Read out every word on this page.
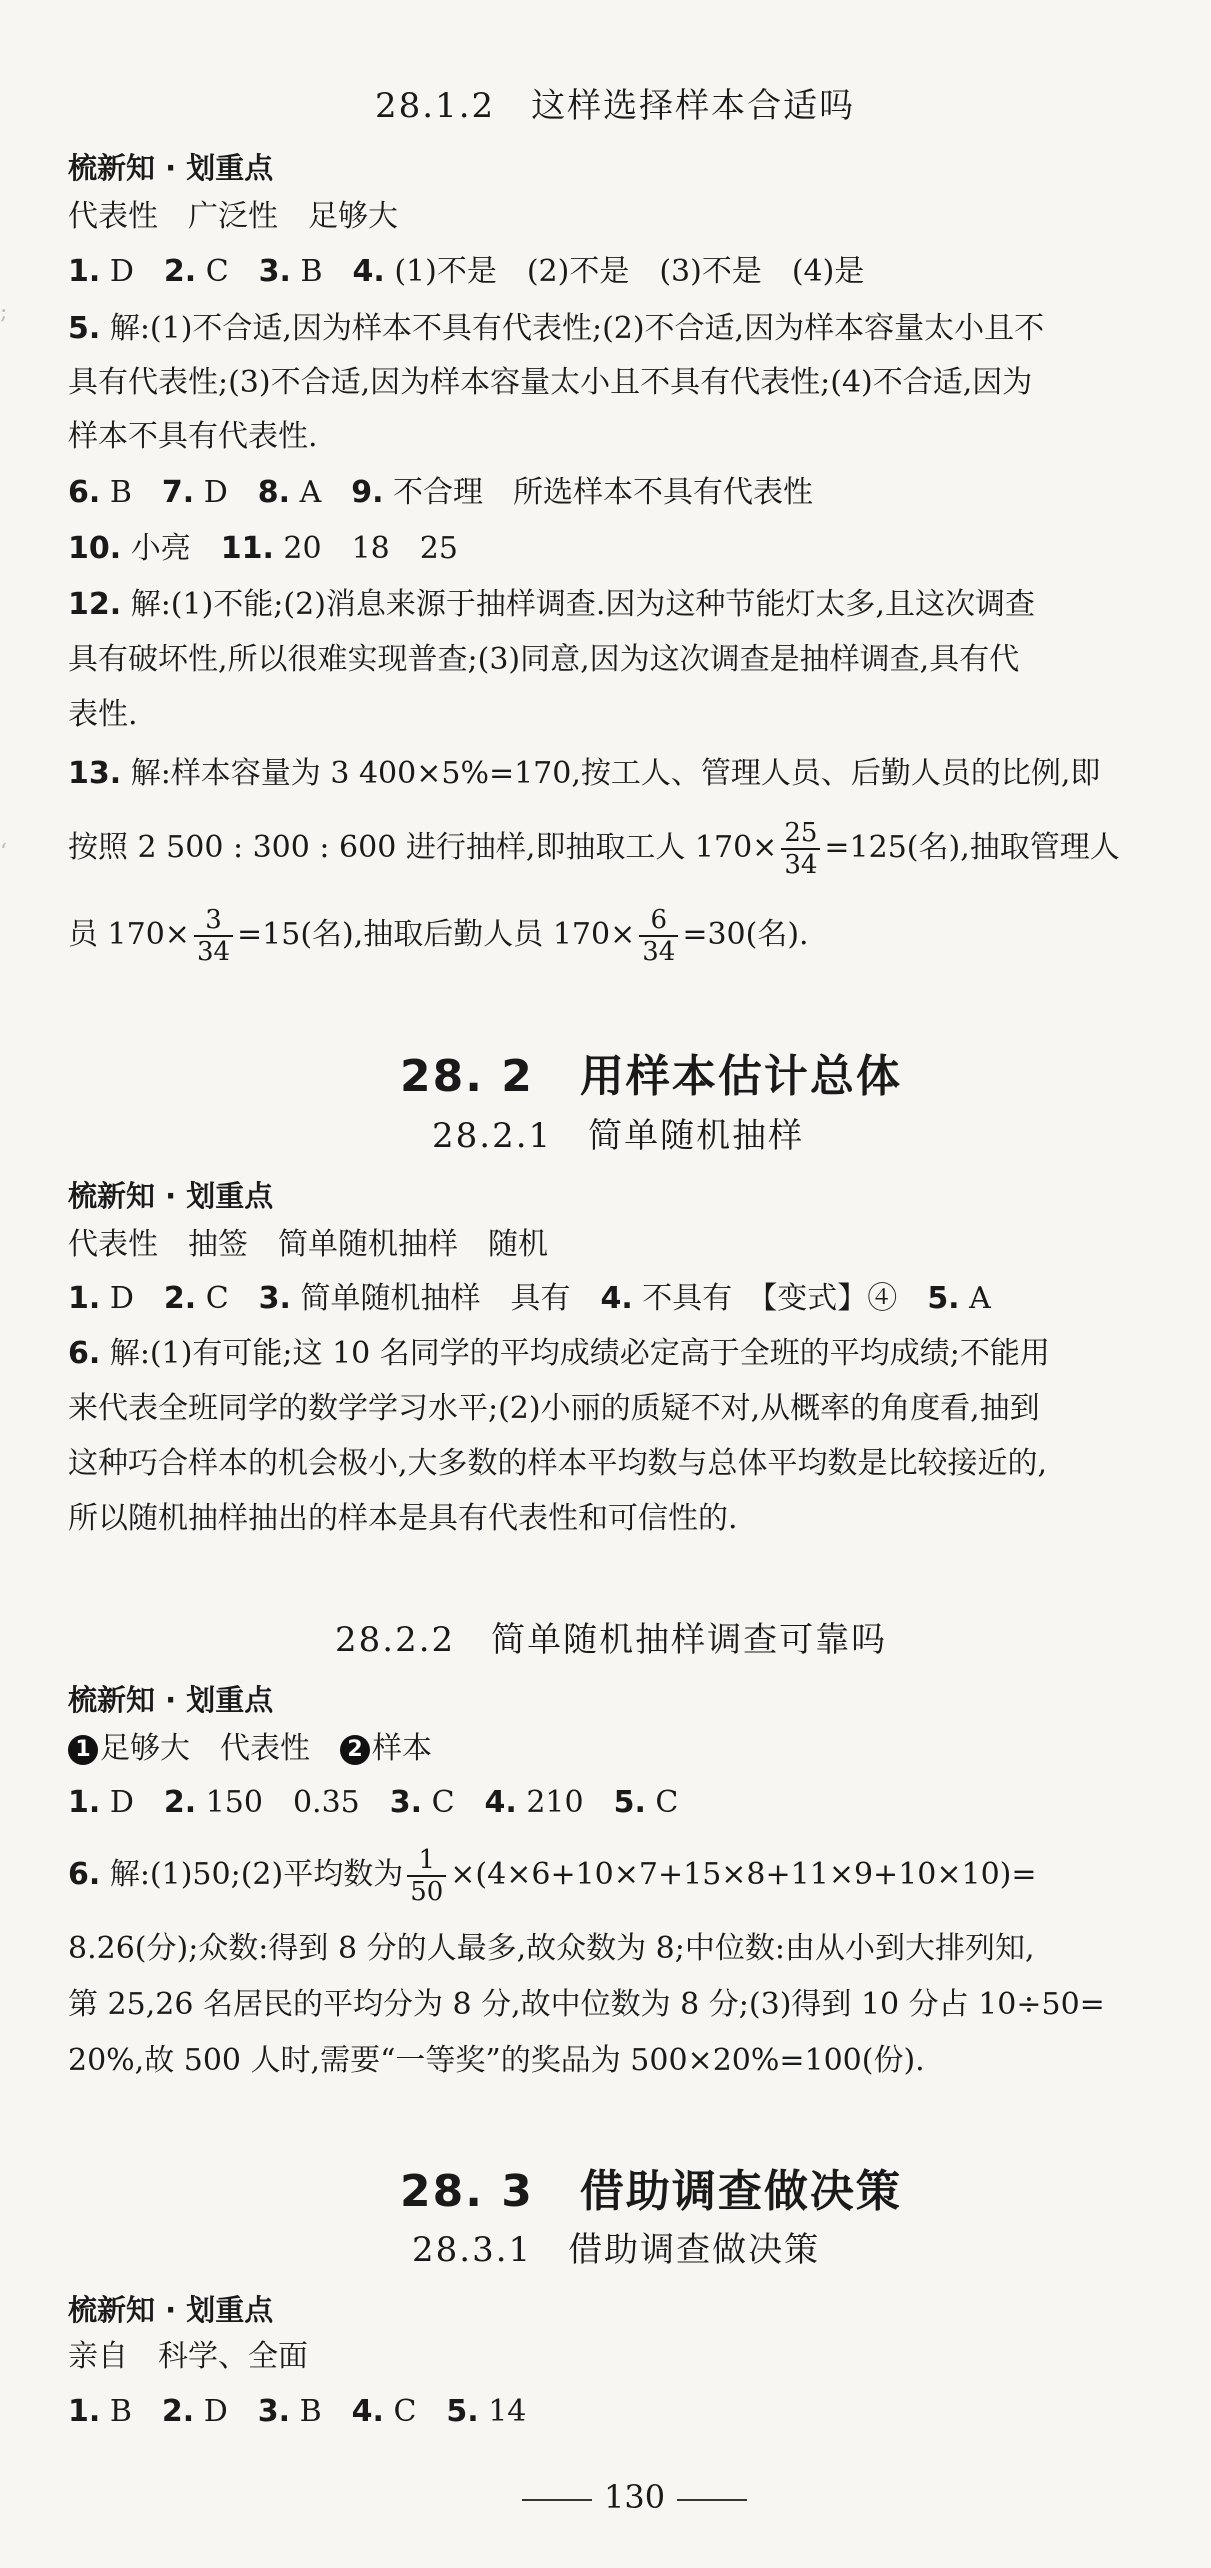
;
ʻ
28.1.2　这样选择样本合适吗
梳新知 · 划重点
代表性　广泛性　足够大
1. D　2. C　3. B　4. (1)不是　(2)不是　(3)不是　(4)是
5. 解:(1)不合适,因为样本不具有代表性;(2)不合适,因为样本容量太小且不
具有代表性;(3)不合适,因为样本容量太小且不具有代表性;(4)不合适,因为
样本不具有代表性.
6. B　7. D　8. A　9. 不合理　所选样本不具有代表性
10. 小亮　11. 20　18　25
12. 解:(1)不能;(2)消息来源于抽样调查.因为这种节能灯太多,且这次调查
具有破坏性,所以很难实现普查;(3)同意,因为这次调查是抽样调查,具有代
表性.
13. 解:样本容量为 3 400×5%=170,按工人、管理人员、后勤人员的比例,即
按照 2 500 : 300 : 600 进行抽样,即抽取工人 $170\times \frac{25}{34} =125$(名),抽取管理人
员 $170\times \frac{3}{34} =15$(名),抽取后勤人员 $170\times \frac{6}{34} =30$(名).
28. 2　用样本估计总体
28.2.1　简单随机抽样
梳新知 · 划重点
代表性　抽签　简单随机抽样　随机
1. D　2. C　3. 简单随机抽样　具有　4. 不具有　【变式】④　5. A
6. 解:(1)有可能;这 10 名同学的平均成绩必定高于全班的平均成绩;不能用
来代表全班同学的数学学习水平;(2)小丽的质疑不对,从概率的角度看,抽到
这种巧合样本的机会极小,大多数的样本平均数与总体平均数是比较接近的,
所以随机抽样抽出的样本是具有代表性和可信性的.
28.2.2　简单随机抽样调查可靠吗
梳新知 · 划重点
1 足够大　代表性　2 样本
1. D　2. 150　0.35　3. C　4. 210　5. C
6. 解:(1)50;(2)平均数为 $\frac{1}{50} \times(4\times 6+10\times 7+15\times 8+11\times 9+10\times 10)=$
8.26(分);众数:得到 8 分的人最多,故众数为 8;中位数:由从小到大排列知,
第 25,26 名居民的平均分为 8 分,故中位数为 8 分;(3)得到 10 分占 10÷50=
20%,故 500 人时,需要“一等奖”的奖品为 500×20%=100(份).
28. 3　借助调查做决策
28.3.1　借助调查做决策
梳新知 · 划重点
亲自　科学、全面
1. B　2. D　3. B　4. C　5. 14
130
